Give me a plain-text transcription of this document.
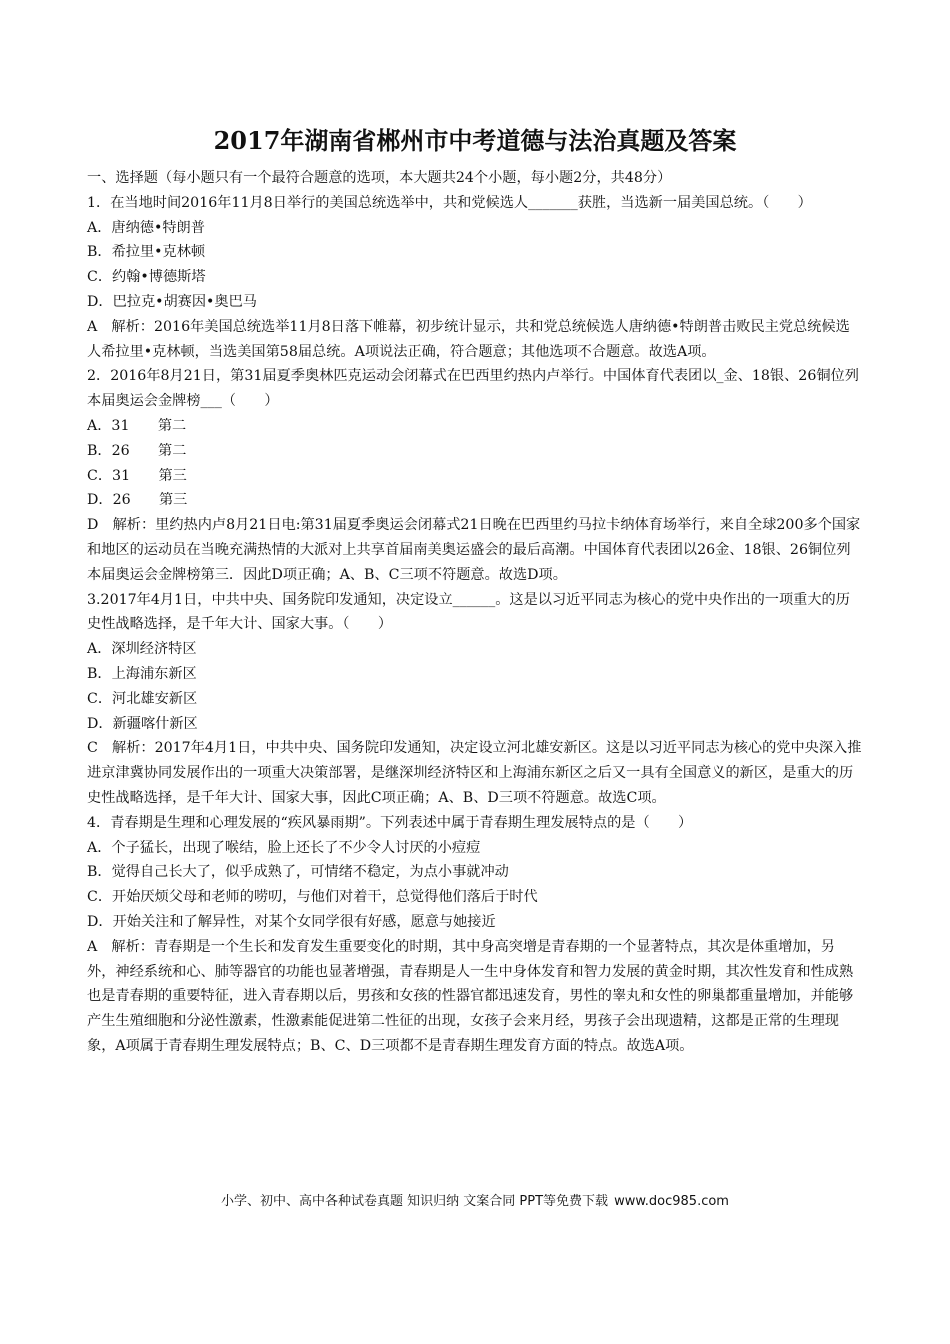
2017年湖南省郴州市中考道德与法治真题及答案

一、选择题（每小题只有一个最符合题意的选项，本大题共24个小题，每小题2分，共48分）

1．在当地时间2016年11月8日举行的美国总统选举中，共和党候选人_______获胜，当选新一届美国总统。（　　）

A．唐纳德•特朗普

B．希拉里•克林顿

C．约翰•博德斯塔

D．巴拉克•胡赛因•奥巴马

A　解析：2016年美国总统选举11月8日落下帷幕，初步统计显示，共和党总统候选人唐纳德•特朗普击败民主党总统候选人希拉里•克林顿，当选美国第58届总统。A项说法正确，符合题意；其他选项不合题意。故选A项。

2．2016年8月21日，第31届夏季奥林匹克运动会闭幕式在巴西里约热内卢举行。中国体育代表团以_金、18银、26铜位列本届奥运会金牌榜___（　　）

A．31　　第二

B．26　　第二

C．31　　第三

D．26　　第三

D　解析：里约热内卢8月21日电:第31届夏季奥运会闭幕式21日晚在巴西里约马拉卡纳体育场举行，来自全球200多个国家和地区的运动员在当晚充满热情的大派对上共享首届南美奥运盛会的最后高潮。中国体育代表团以26金、18银、26铜位列本届奥运会金牌榜第三．因此D项正确；A、B、C三项不符题意。故选D项。

3.2017年4月1日，中共中央、国务院印发通知，决定设立______。这是以习近平同志为核心的党中央作出的一项重大的历史性战略选择，是千年大计、国家大事。（　　）

A．深圳经济特区

B．上海浦东新区

C．河北雄安新区

D．新疆喀什新区

C　解析：2017年4月1日，中共中央、国务院印发通知，决定设立河北雄安新区。这是以习近平同志为核心的党中央深入推进京津冀协同发展作出的一项重大决策部署，是继深圳经济特区和上海浦东新区之后又一具有全国意义的新区，是重大的历史性战略选择，是千年大计、国家大事，因此C项正确；A、B、D三项不符题意。故选C项。

4．青春期是生理和心理发展的“疾风暴雨期”。下列表述中属于青春期生理发展特点的是（　　）

A．个子猛长，出现了喉结，脸上还长了不少令人讨厌的小痘痘

B．觉得自己长大了，似乎成熟了，可情绪不稳定，为点小事就冲动

C．开始厌烦父母和老师的唠叨，与他们对着干，总觉得他们落后于时代

D．开始关注和了解异性，对某个女同学很有好感，愿意与她接近

A　解析：青春期是一个生长和发育发生重要变化的时期，其中身高突增是青春期的一个显著特点，其次是体重增加，另外，神经系统和心、肺等器官的功能也显著增强，青春期是人一生中身体发育和智力发展的黄金时期，其次性发育和性成熟也是青春期的重要特征，进入青春期以后，男孩和女孩的性器官都迅速发育，男性的睾丸和女性的卵巢都重量增加，并能够产生生殖细胞和分泌性激素，性激素能促进第二性征的出现，女孩子会来月经，男孩子会出现遗精，这都是正常的生理现象，A项属于青春期生理发展特点；B、C、D三项都不是青春期生理发育方面的特点。故选A项。

小学、初中、高中各种试卷真题 知识归纳 文案合同 PPT等免费下载 www.doc985.com
